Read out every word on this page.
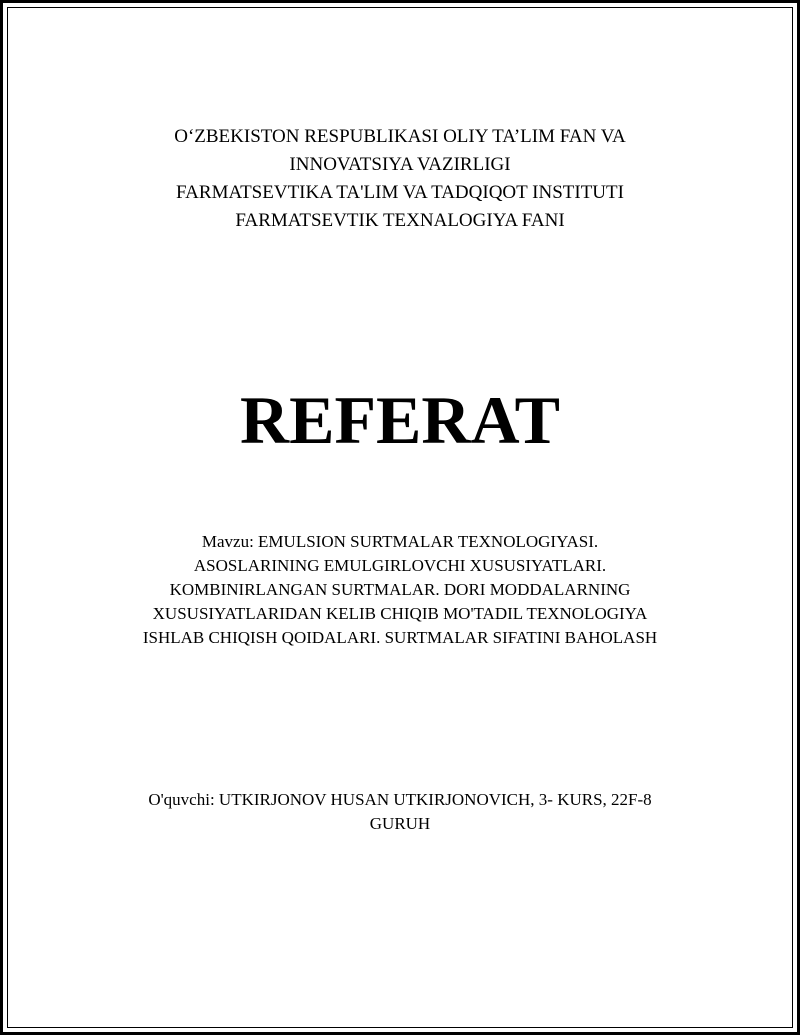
O‘ZBEKISTON RESPUBLIKASI OLIY TA’LIM FAN VA
INNOVATSIYA VAZIRLIGI
FARMATSEVTIKA TA'LIM VA TADQIQOT INSTITUTI
FARMATSEVTIK TEXNALOGIYA FANI
REFERAT
Mavzu: EMULSION SURTMALAR TEXNOLOGIYASI.
ASOSLARINING EMULGIRLOVCHI XUSUSIYATLARI.
KOMBINIRLANGAN SURTMALAR. DORI MODDALARNING
XUSUSIYATLARIDAN KELIB CHIQIB MO'TADIL TEXNOLOGIYA
ISHLAB CHIQISH QOIDALARI. SURTMALAR SIFATINI BAHOLASH
O'quvchi: UTKIRJONOV HUSAN UTKIRJONOVICH, 3- KURS, 22F-8
GURUH
